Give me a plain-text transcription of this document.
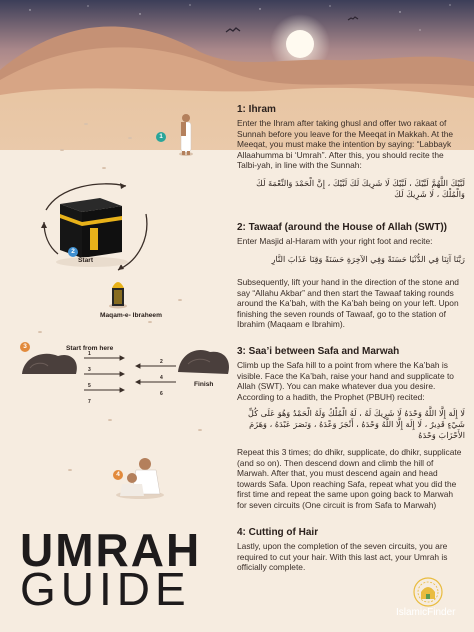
1
2
3
4
Start
Maqam-e- Ibraheem
Start from here
Finish
1
2
3
4
5
6
7
1: Ihram
Enter the Ihram after taking ghusl and offer two rakaat of Sunnah before you leave for the Meeqat in Makkah. At the Meeqat, you must make the intention by saying: “Labbayk Allaahumma bi ‘Umrah”. After this, you should recite the Talbi-yah, in line with the Sunnah:
لَبَّيْكَ اللَّهُمَّ لَبَّيْكَ ، لَبَّيْكَ لَا شَرِيكَ لَكَ لَبَّيْكَ ، إِنَّ الْحَمْدَ وَالنِّعْمَةَ لَكَ وَالْمُلْكَ ، لَا شَرِيكَ لَكَ
2: Tawaaf (around the House of Allah (SWT))
Enter Masjid al-Haram with your right foot and recite:
رَبَّنَا آتِنَا فِي الدُّنْيَا حَسَنَةً وَفِي الآخِرَةِ حَسَنَةً وَقِنَا عَذَابَ النَّارِ
Subsequently, lift your hand in the direction of the stone and say “Allahu Akbar” and then start the Tawaaf taking rounds around the Ka’bah, with the Ka’bah being on your left. Upon finishing the seven rounds of Tawaaf, go to the station of Ibrahim (Maqaam e Ibrahim).
3: Saa’i between Safa and Marwah
Climb up the Safa hill to a point from where the Ka’bah is visible. Face the Ka’bah, raise your hand and supplicate to Allah (SWT). You can make whatever dua you desire. According to a hadith, the Prophet (PBUH) recited:
لَا إِلَهَ إِلَّا اللَّهُ وَحْدَهُ لَا شَرِيكَ لَهُ ، لَهُ الْمُلْكُ وَلَهُ الْحَمْدُ وَهُوَ عَلَى كُلِّ شَيْءٍ قَدِيرٌ ، لَا إِلَهَ إِلَّا اللَّهُ وَحْدَهُ ، أَنْجَزَ وَعْدَهُ ، وَنَصَرَ عَبْدَهُ ، وَهَزَمَ الأَحْزَابَ وَحْدَهُ
Repeat this 3 times; do dhikr, supplicate, do dhikr, supplicate (and so on). Then descend down and climb the hill of Marwah. After that, you must descend again and head towards Safa. Upon reaching Safa, repeat what you did the first time and repeat the same upon going back to Marwah for seven circuits (One circuit is from Safa to Marwah)
4: Cutting of Hair
Lastly, upon the completion of the seven circuits, you are required to cut your hair. With this last act, your Umrah is officially complete.
UMRAH
GUIDE	IslamicFinder
